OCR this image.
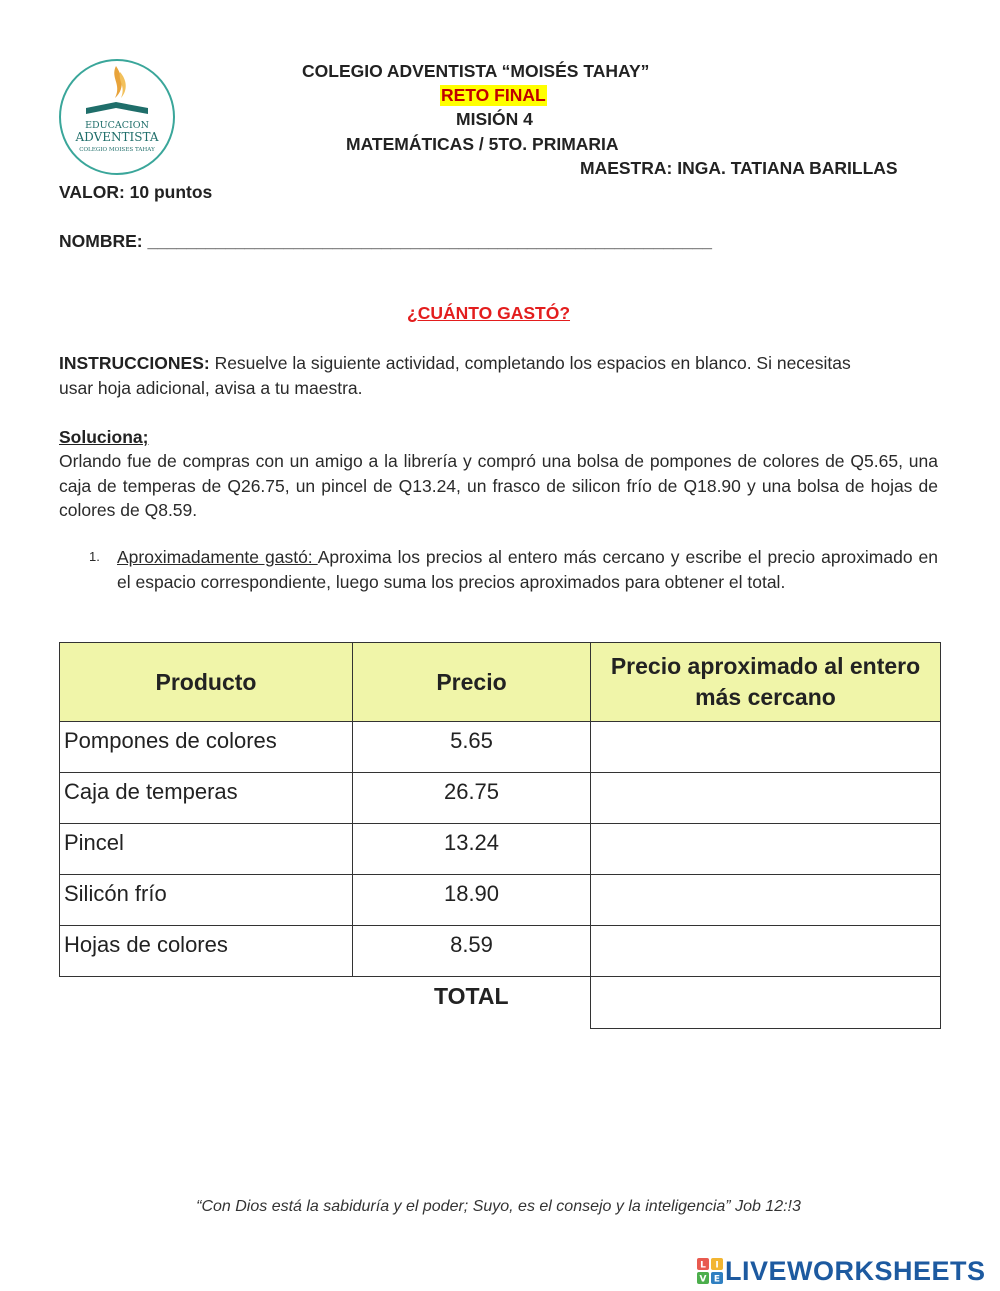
EDUCACION
ADVENTISTA
COLEGIO MOISES TAHAY
COLEGIO ADVENTISTA “MOISÉS TAHAY”
RETO FINAL
MISIÓN 4
MATEMÁTICAS / 5TO. PRIMARIA
MAESTRA: INGA. TATIANA BARILLAS
VALOR: 10 puntos
NOMBRE: __________________________________________________________
¿CUÁNTO GASTÓ?
INSTRUCCIONES: Resuelve la siguiente actividad, completando los espacios en blanco. Si necesitas usar hoja adicional, avisa a tu maestra.
Soluciona;
Orlando fue de compras con un amigo a la librería y compró una bolsa de pompones de colores de Q5.65, una caja de temperas de Q26.75, un pincel de Q13.24, un frasco de silicon frío de Q18.90 y una bolsa de hojas de colores de Q8.59.
1. Aproximadamente gastó: Aproxima los precios al entero más cercano y escribe el precio aproximado en el espacio correspondiente, luego suma los precios aproximados para obtener el total.
Producto	Precio	Precio aproximado al entero más cercano
Pompones de colores	5.65	
Caja de temperas	26.75	
Pincel	13.24	
Silicón frío	18.90	
Hojas de colores	8.59	
	TOTAL	
“Con Dios está la sabiduría y el poder; Suyo, es el consejo y la inteligencia” Job 12:!3
L I
V E LIVEWORKSHEETS
